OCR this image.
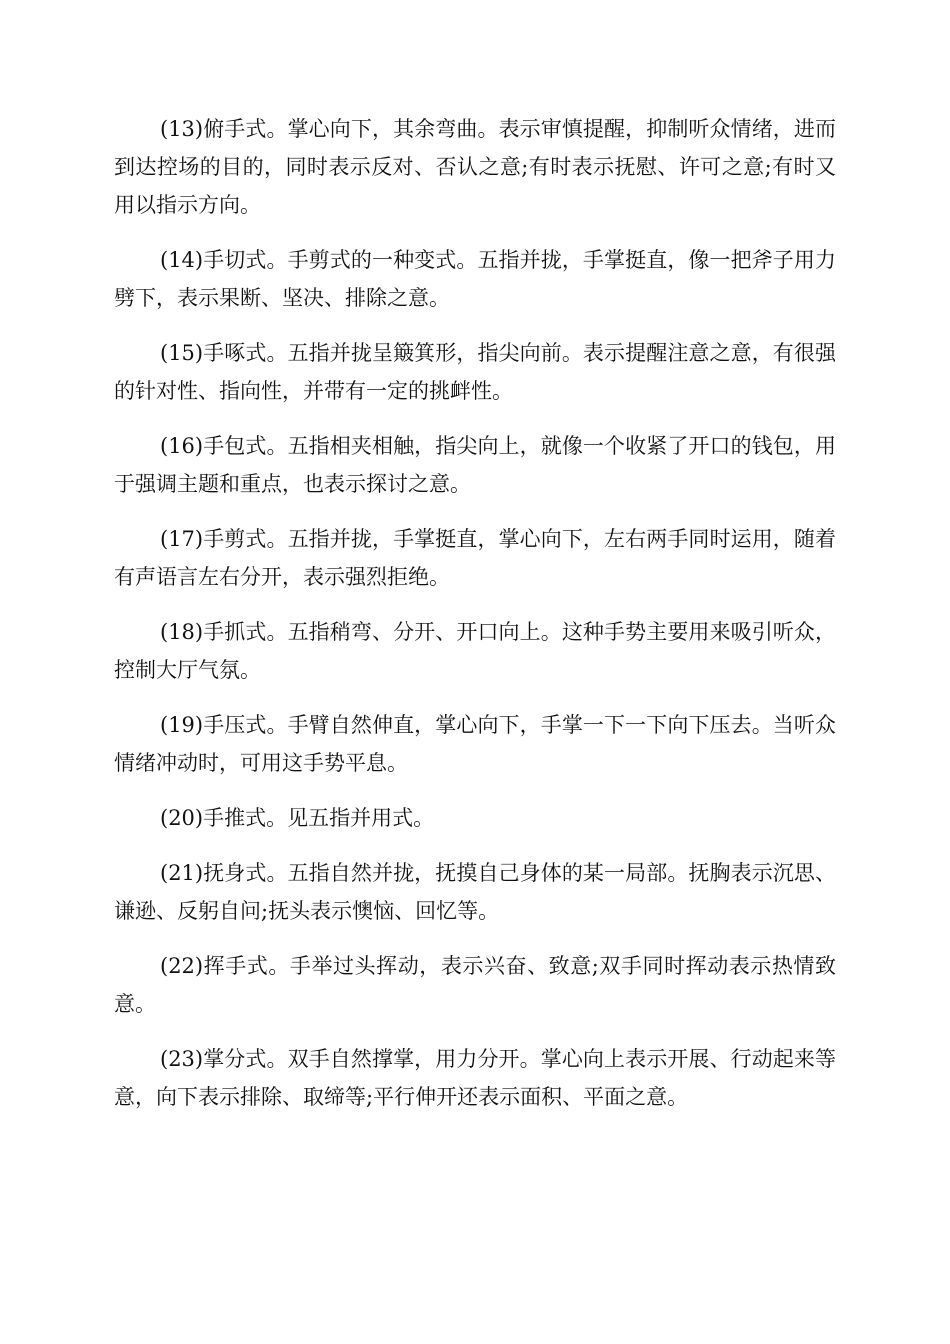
(13)俯手式。掌心向下，其余弯曲。表示审慎提醒，抑制听众情绪，进而到达控场的目的，同时表示反对、否认之意;有时表示抚慰、许可之意;有时又用以指示方向。

(14)手切式。手剪式的一种变式。五指并拢，手掌挺直，像一把斧子用力劈下，表示果断、坚决、排除之意。

(15)手啄式。五指并拢呈簸箕形，指尖向前。表示提醒注意之意，有很强的针对性、指向性，并带有一定的挑衅性。

(16)手包式。五指相夹相触，指尖向上，就像一个收紧了开口的钱包，用于强调主题和重点，也表示探讨之意。

(17)手剪式。五指并拢，手掌挺直，掌心向下，左右两手同时运用，随着有声语言左右分开，表示强烈拒绝。

(18)手抓式。五指稍弯、分开、开口向上。这种手势主要用来吸引听众，控制大厅气氛。

(19)手压式。手臂自然伸直，掌心向下，手掌一下一下向下压去。当听众情绪冲动时，可用这手势平息。

(20)手推式。见五指并用式。

(21)抚身式。五指自然并拢，抚摸自己身体的某一局部。抚胸表示沉思、谦逊、反躬自问;抚头表示懊恼、回忆等。

(22)挥手式。手举过头挥动，表示兴奋、致意;双手同时挥动表示热情致意。

(23)掌分式。双手自然撑掌，用力分开。掌心向上表示开展、行动起来等意，向下表示排除、取缔等;平行伸开还表示面积、平面之意。
